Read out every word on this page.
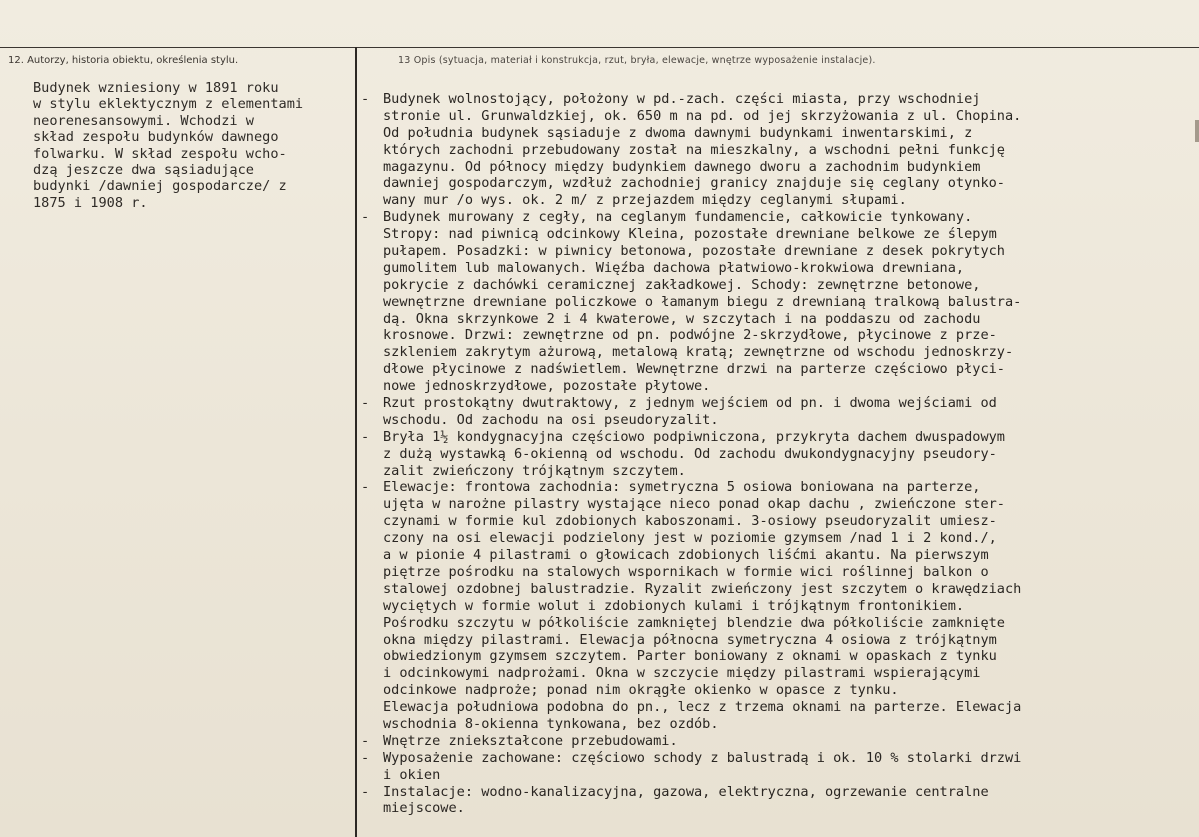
12. Autorzy, historia obiektu, określenia stylu.	13 Opis (sytuacja, materiał i konstrukcja, rzut, bryła, elewacje, wnętrze wyposażenie instalacje).
Budynek wzniesiony w 1891 roku
w stylu eklektycznym z elementami
neorenesansowymi. Wchodzi w
skład zespołu budynków dawnego
folwarku. W skład zespołu wcho-
dzą jeszcze dwa sąsiadujące
budynki /dawniej gospodarcze/ z
1875 i 1908 r.
- Budynek wolnostojący, położony w pd.-zach. części miasta, przy wschodniej
stronie ul. Grunwaldzkiej, ok. 650 m na pd. od jej skrzyżowania z ul. Chopina.
Od południa budynek sąsiaduje z dwoma dawnymi budynkami inwentarskimi, z
których zachodni przebudowany został na mieszkalny, a wschodni pełni funkcję
magazynu. Od północy między budynkiem dawnego dworu a zachodnim budynkiem
dawniej gospodarczym, wzdłuż zachodniej granicy znajduje się ceglany otynko-
wany mur /o wys. ok. 2 m/ z przejazdem między ceglanymi słupami.
- Budynek murowany z cegły, na ceglanym fundamencie, całkowicie tynkowany.
Stropy: nad piwnicą odcinkowy Kleina, pozostałe drewniane belkowe ze ślepym
pułapem. Posadzki: w piwnicy betonowa, pozostałe drewniane z desek pokrytych
gumolitem lub malowanych. Więźba dachowa płatwiowo-krokwiowa drewniana,
pokrycie z dachówki ceramicznej zakładkowej. Schody: zewnętrzne betonowe,
wewnętrzne drewniane policzkowe o łamanym biegu z drewnianą tralkową balustra-
dą. Okna skrzynkowe 2 i 4 kwaterowe, w szczytach i na poddaszu od zachodu
krosnowe. Drzwi: zewnętrzne od pn. podwójne 2-skrzydłowe, płycinowe z prze-
szkleniem zakrytym ażurową, metalową kratą; zewnętrzne od wschodu jednoskrzy-
dłowe płycinowe z nadświetlem. Wewnętrzne drzwi na parterze częściowo płyci-
nowe jednoskrzydłowe, pozostałe płytowe.
- Rzut prostokątny dwutraktowy, z jednym wejściem od pn. i dwoma wejściami od
wschodu. Od zachodu na osi pseudoryzalit.
- Bryła 1½ kondygnacyjna częściowo podpiwniczona, przykryta dachem dwuspadowym
z dużą wystawką 6-okienną od wschodu. Od zachodu dwukondygnacyjny pseudory-
zalit zwieńczony trójkątnym szczytem.
- Elewacje: frontowa zachodnia: symetryczna 5 osiowa boniowana na parterze,
ujęta w narożne pilastry wystające nieco ponad okap dachu , zwieńczone ster-
czynami w formie kul zdobionych kaboszonami. 3-osiowy pseudoryzalit umiesz-
czony na osi elewacji podzielony jest w poziomie gzymsem /nad 1 i 2 kond./,
a w pionie 4 pilastrami o głowicach zdobionych liśćmi akantu. Na pierwszym
piętrze pośrodku na stalowych wspornikach w formie wici roślinnej balkon o
stalowej ozdobnej balustradzie. Ryzalit zwieńczony jest szczytem o krawędziach
wyciętych w formie wolut i zdobionych kulami i trójkątnym frontonikiem.
Pośrodku szczytu w półkoliście zamkniętej blendzie dwa półkoliście zamknięte
okna między pilastrami. Elewacja północna symetryczna 4 osiowa z trójkątnym
obwiedzionym gzymsem szczytem. Parter boniowany z oknami w opaskach z tynku
i odcinkowymi nadprożami. Okna w szczycie między pilastrami wspierającymi
odcinkowe nadproże; ponad nim okrągłe okienko w opasce z tynku.
Elewacja południowa podobna do pn., lecz z trzema oknami na parterze. Elewacja
wschodnia 8-okienna tynkowana, bez ozdób.
- Wnętrze zniekształcone przebudowami.
- Wyposażenie zachowane: częściowo schody z balustradą i ok. 10 % stolarki drzwi
i okien
- Instalacje: wodno-kanalizacyjna, gazowa, elektryczna, ogrzewanie centralne
miejscowe.
